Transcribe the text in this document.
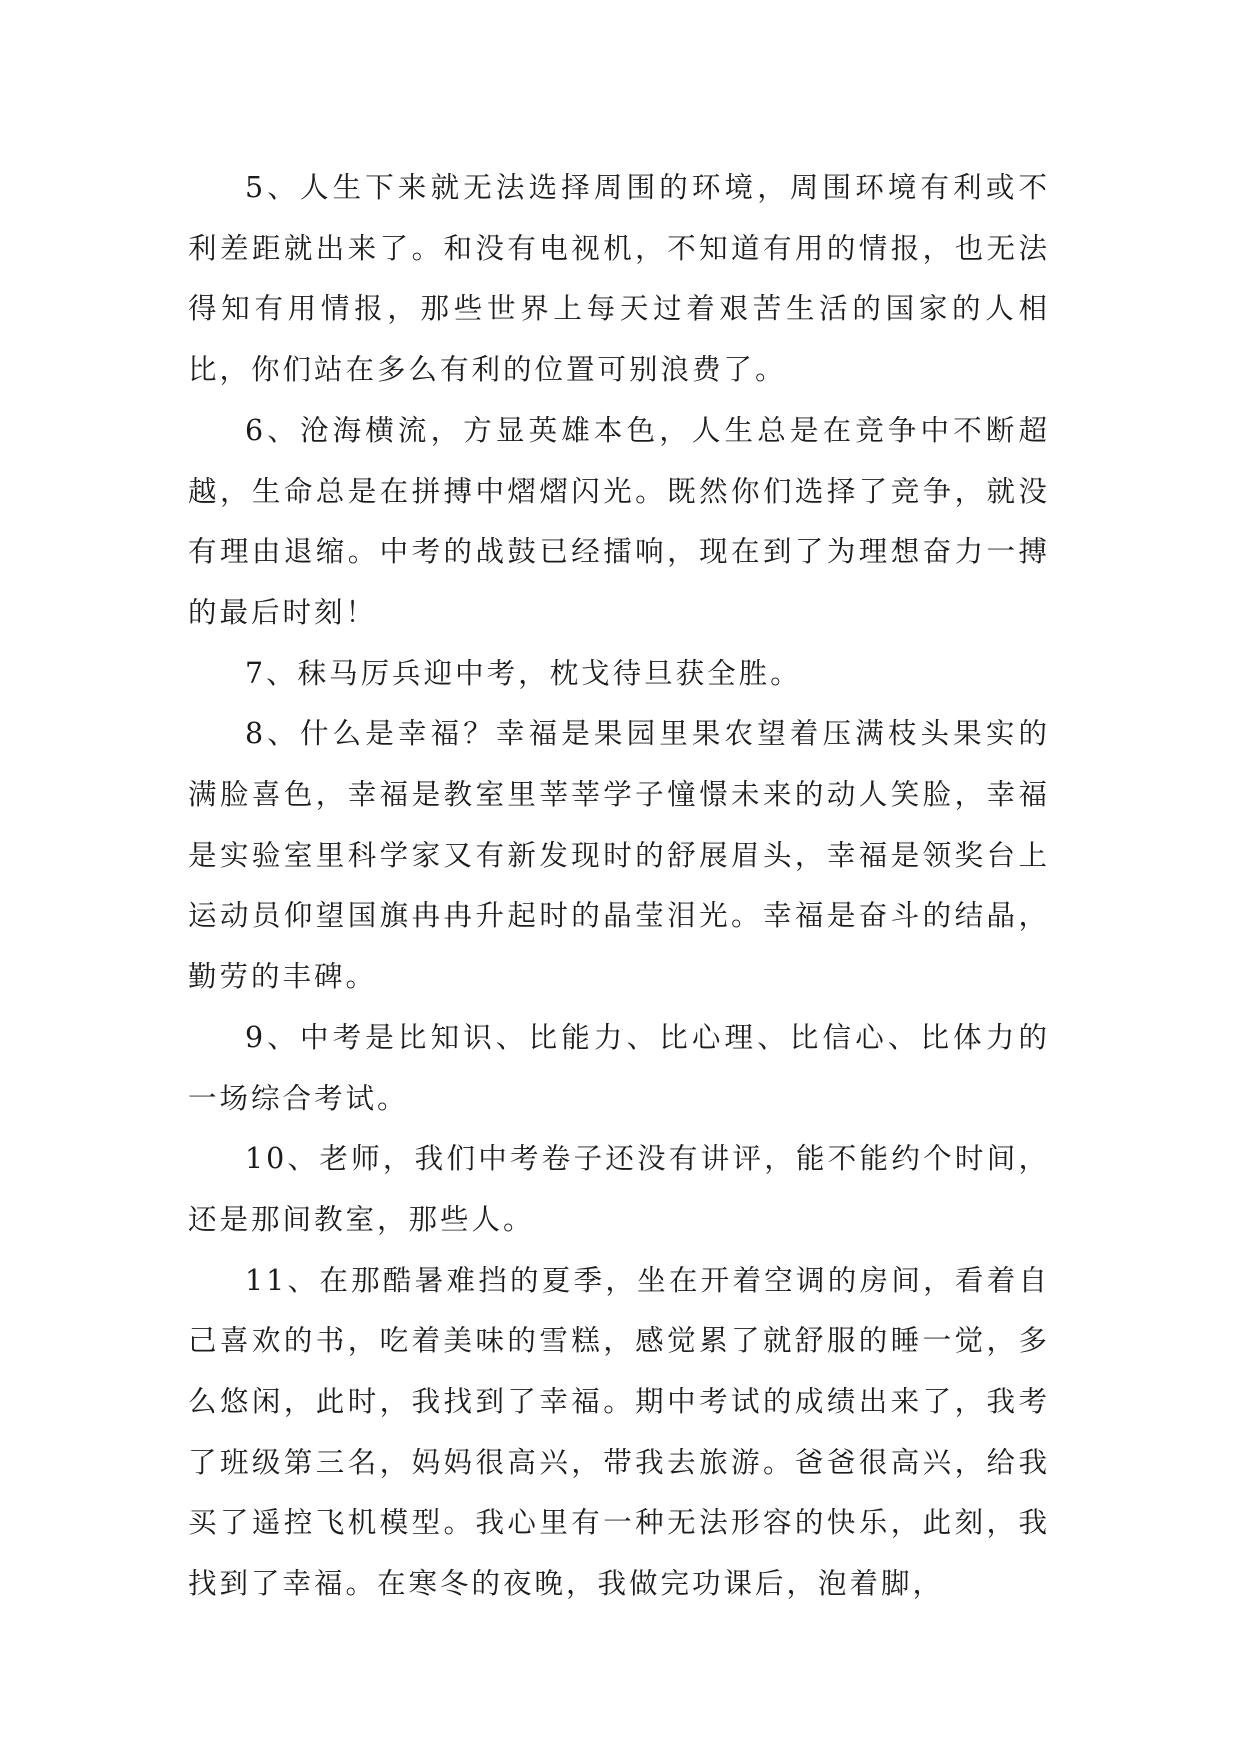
5、人生下来就无法选择周围的环境，周围环境有利或不利差距就出来了。和没有电视机，不知道有用的情报，也无法得知有用情报，那些世界上每天过着艰苦生活的国家的人相比，你们站在多么有利的位置可别浪费了。

6、沧海横流，方显英雄本色，人生总是在竞争中不断超越，生命总是在拼搏中熠熠闪光。既然你们选择了竞争，就没有理由退缩。中考的战鼓已经擂响，现在到了为理想奋力一搏的最后时刻！

7、秣马厉兵迎中考，枕戈待旦获全胜。

8、什么是幸福？幸福是果园里果农望着压满枝头果实的满脸喜色，幸福是教室里莘莘学子憧憬未来的动人笑脸，幸福是实验室里科学家又有新发现时的舒展眉头，幸福是领奖台上运动员仰望国旗冉冉升起时的晶莹泪光。幸福是奋斗的结晶，勤劳的丰碑。

9、中考是比知识、比能力、比心理、比信心、比体力的一场综合考试。

10、老师，我们中考卷子还没有讲评，能不能约个时间，还是那间教室，那些人。

11、在那酷暑难挡的夏季，坐在开着空调的房间，看着自己喜欢的书，吃着美味的雪糕，感觉累了就舒服的睡一觉，多么悠闲，此时，我找到了幸福。期中考试的成绩出来了，我考了班级第三名，妈妈很高兴，带我去旅游。爸爸很高兴，给我买了遥控飞机模型。我心里有一种无法形容的快乐，此刻，我找到了幸福。在寒冬的夜晚，我做完功课后，泡着脚，
